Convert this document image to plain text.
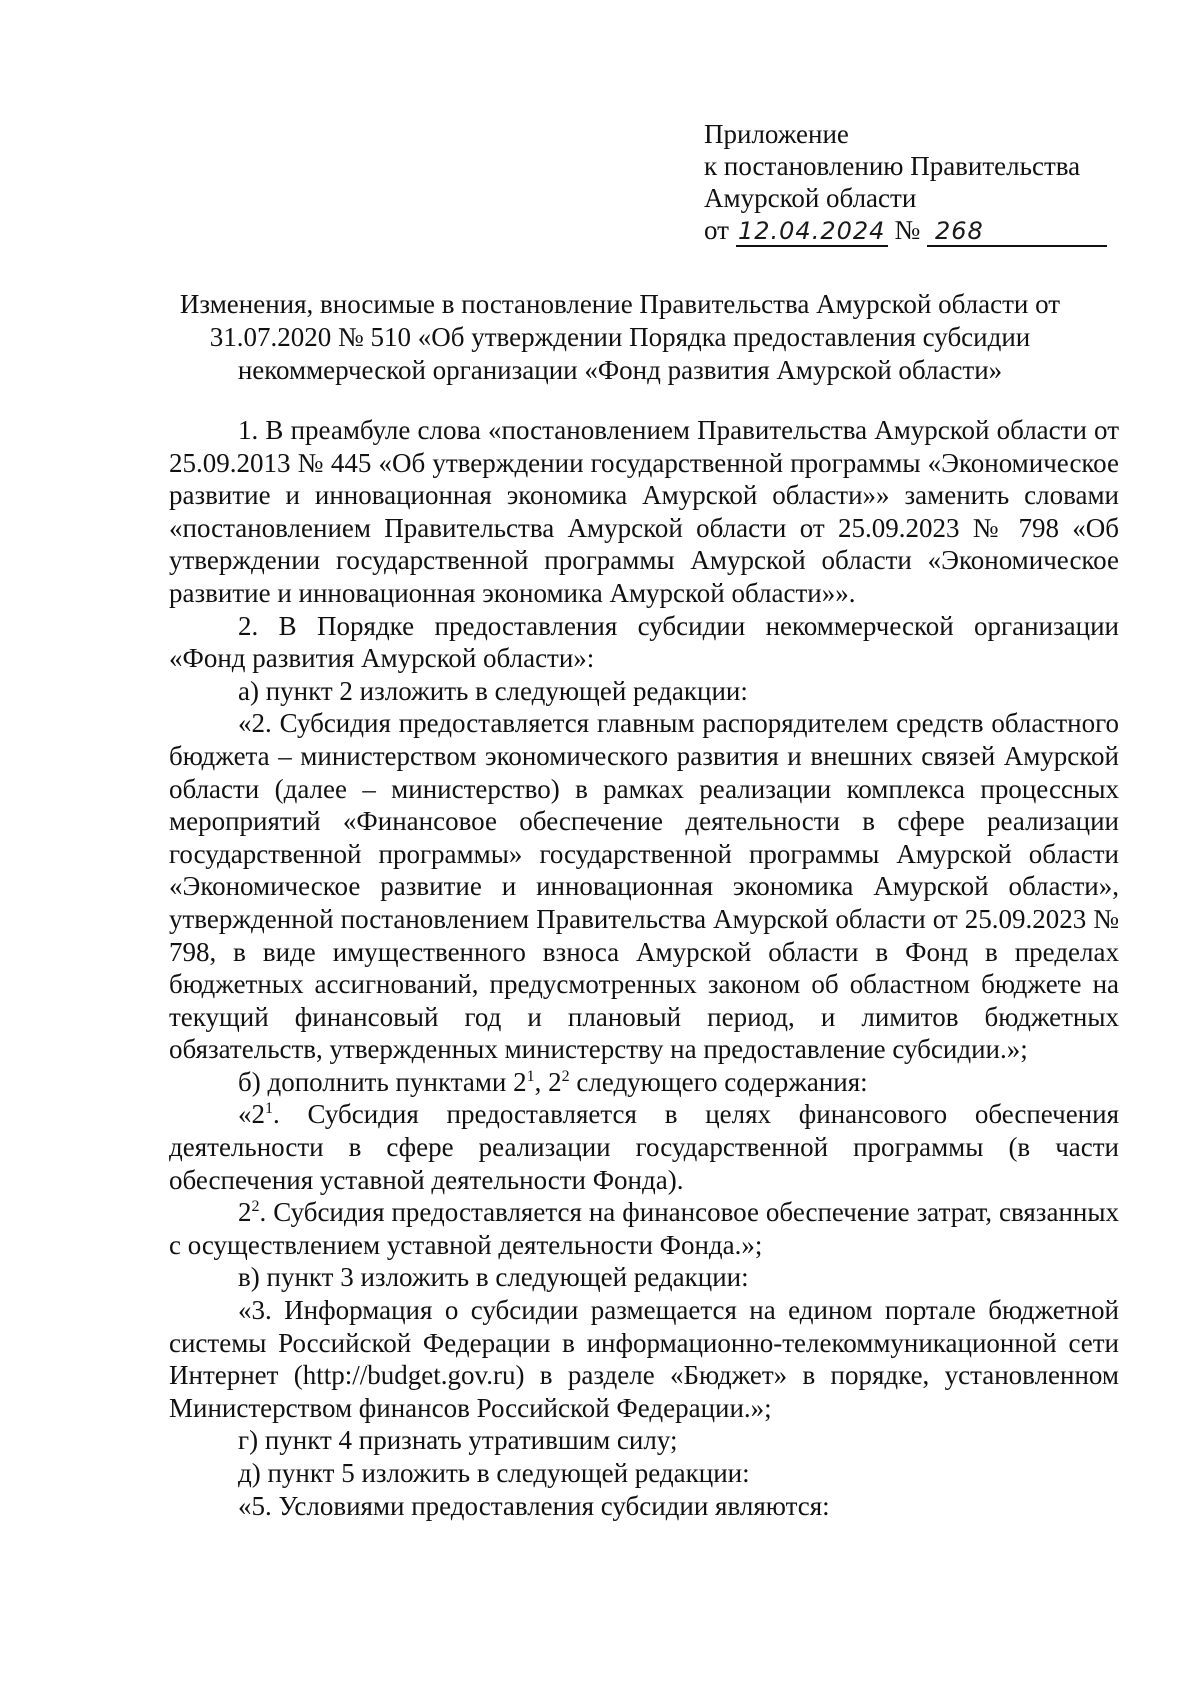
Приложение
к постановлению Правительства
Амурской области
от 12.04.2024 № 268
Изменения, вносимые в постановление Правительства Амурской области от
31.07.2020 № 510 «Об утверждении Порядка предоставления субсидии
некоммерческой организации «Фонд развития Амурской области»

1. В преамбуле слова «постановлением Правительства Амурской области от 25.09.2013 № 445 «Об утверждении государственной программы «Экономическое развитие и инновационная экономика Амурской области»» заменить словами «постановлением Правительства Амурской области от 25.09.2023 № 798 «Об утверждении государственной программы Амурской области «Экономическое развитие и инновационная экономика Амурской области»».

2. В Порядке предоставления субсидии некоммерческой организации «Фонд развития Амурской области»:

а) пункт 2 изложить в следующей редакции:

«2. Субсидия предоставляется главным распорядителем средств областного бюджета – министерством экономического развития и внешних связей Амурской области (далее – министерство) в рамках реализации комплекса процессных мероприятий «Финансовое обеспечение деятельности в сфере реализации государственной программы» государственной программы Амурской области «Экономическое развитие и инновационная экономика Амурской области», утвержденной постановлением Правительства Амурской области от 25.09.2023 № 798, в виде имущественного взноса Амурской области в Фонд в пределах бюджетных ассигнований, предусмотренных законом об областном бюджете на текущий финансовый год и плановый период, и лимитов бюджетных обязательств, утвержденных министерству на предоставление субсидии.»;

б) дополнить пунктами $2^1$, $2^2$ следующего содержания:

«$2^1$. Субсидия предоставляется в целях финансового обеспечения деятельности в сфере реализации государственной программы (в части обеспечения уставной деятельности Фонда).

$2^2$. Субсидия предоставляется на финансовое обеспечение затрат, связанных с осуществлением уставной деятельности Фонда.»;

в) пункт 3 изложить в следующей редакции:

«3. Информация о субсидии размещается на едином портале бюджетной системы Российской Федерации в информационно-телекоммуникационной сети Интернет (http://budget.gov.ru) в разделе «Бюджет» в порядке, установленном Министерством финансов Российской Федерации.»;

г) пункт 4 признать утратившим силу;

д) пункт 5 изложить в следующей редакции:

«5. Условиями предоставления субсидии являются:
